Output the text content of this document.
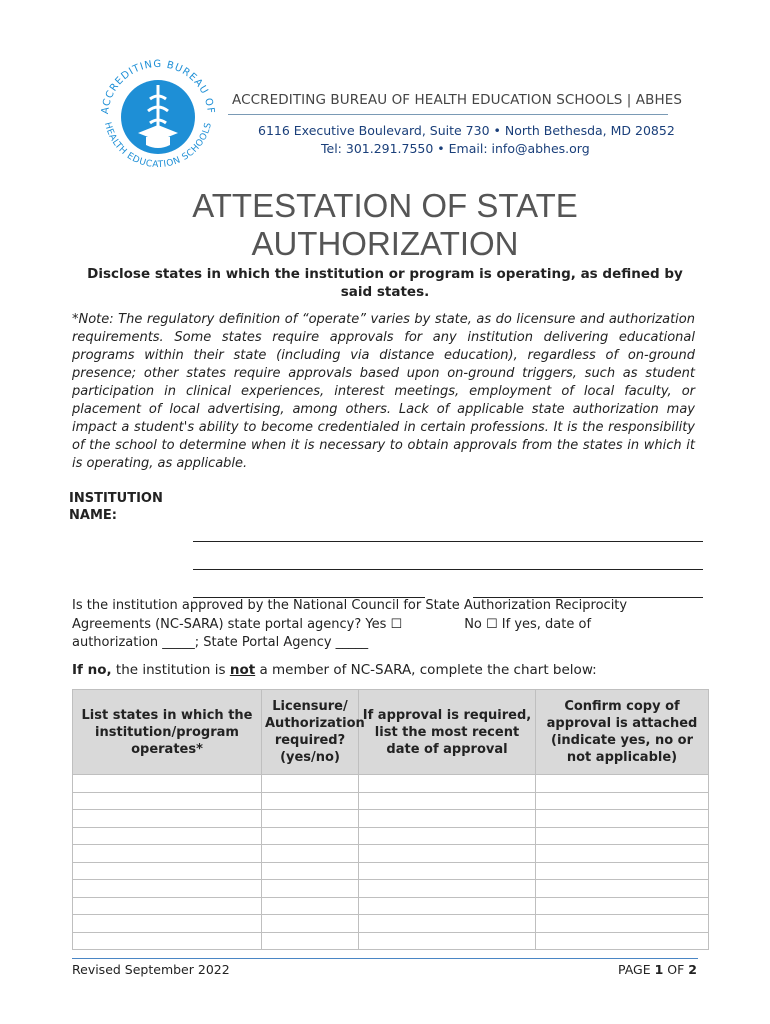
ACCREDITING BUREAU OF
HEALTH EDUCATION SCHOOLS
ACCREDITING BUREAU OF HEALTH EDUCATION SCHOOLS | ABHES
6116 Executive Boulevard, Suite 730 • North Bethesda, MD 20852
Tel: 301.291.7550 • Email: info@abhes.org
ATTESTATION OF STATE
AUTHORIZATION
Disclose states in which the institution or program is operating, as defined by said states.
*Note: The regulatory definition of “operate” varies by state, as do licensure and authorization requirements. Some states require approvals for any institution delivering educational programs within their state (including via distance education), regardless of on-ground presence; other states require approvals based upon on-ground triggers, such as student participation in clinical experiences, interest meetings, employment of local faculty, or placement of local advertising, among others. Lack of applicable state authorization may impact a student's ability to become credentialed in certain professions. It is the responsibility of the school to determine when it is necessary to obtain approvals from the states in which it is operating, as applicable.
INSTITUTION
NAME:
Is the institution approved by the National Council for State Authorization Reciprocity
Agreements (NC-SARA) state portal agency? Yes ☐	No ☐ If yes, date of
authorization _____; State Portal Agency _____
If no, the institution is not a member of NC-SARA, complete the chart below:
List states in which the institution/program operates*	Licensure/ Authorization required? (yes/no)	If approval is required, list the most recent date of approval	Confirm copy of approval is attached (indicate yes, no or not applicable)

Revised September 2022	PAGE 1 OF 2
